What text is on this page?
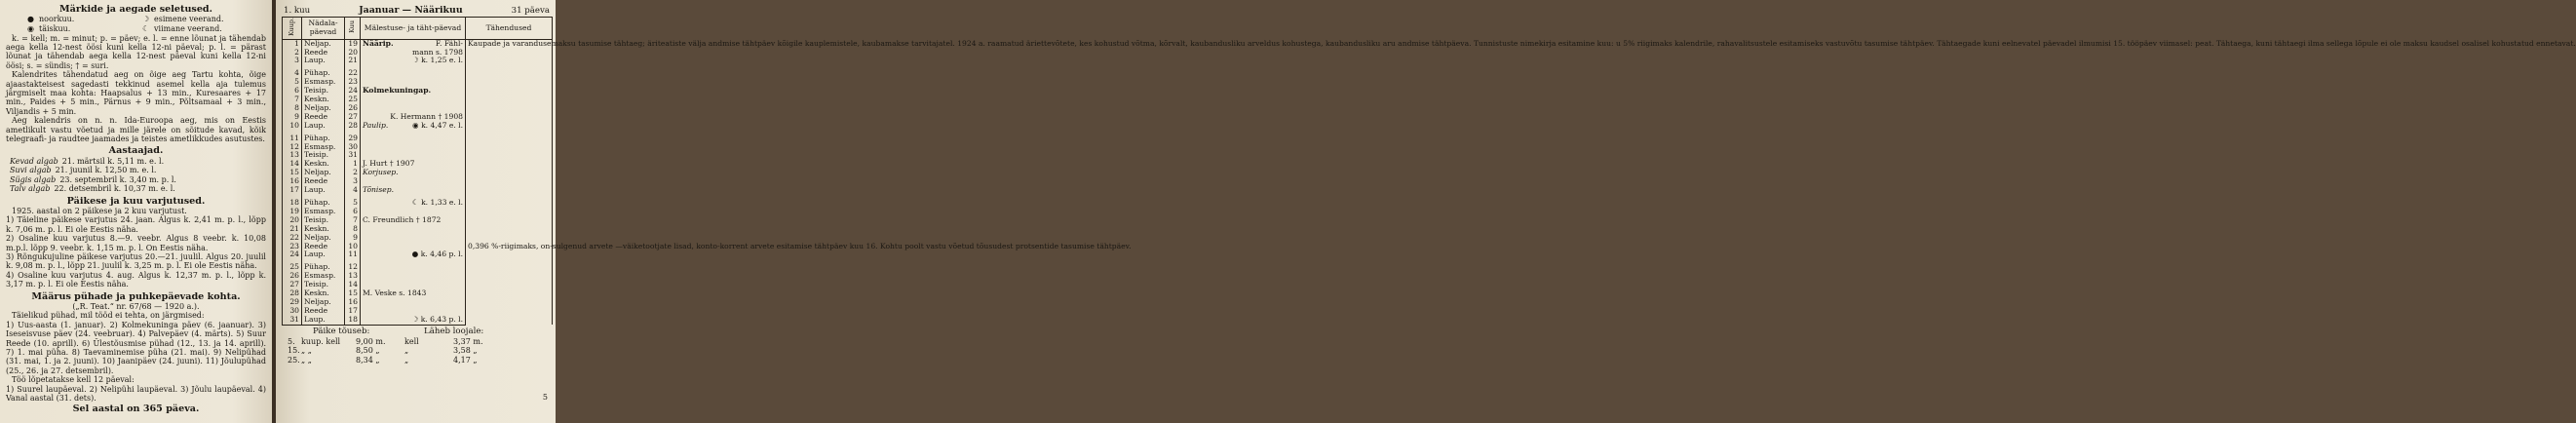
Märkide ja aegade seletused.
● noorkuu.	☽ esimene veerand.
◉ täiskuu.	☾ viimane veerand.

k. = kell; m. = minut; p. = päev; e. l. = enne lõunat ja tähendab aega kella 12-nest öösi kuni kella 12-ni päeval; p. l. = pärast lõunat ja tähendab aega kella 12-nest päeval kuni kella 12-ni öösi; s. = sündis; † = suri.

Kalendrites tähendatud aeg on õige aeg Tartu kohta, õige ajaastakteisest sagedasti tekkinud asemel kella aja tulemus järgmiselt maa kohta: Haapsalus + 13 min., Kuresaares + 17 min., Paides + 5 min., Pärnus + 9 min., Põltsamaal + 3 min., Viljandis + 5 min.

Aeg kalendris on n. n. Ida-Euroopa aeg, mis on Eestis ametlikult vastu võetud ja mille järele on sõitude kavad, kõik telegraafi- ja raudtee jaamades ja teistes ametlikkudes asutustes.

Aastaajad.
Kevad algab 21. märtsil k. 5,11 m. e. l.
Suvi algab 21. juunil k. 12,50 m. e. l.
Sügis algab 23. septembril k. 3,40 m. p. l.
Talv algab 22. detsembril k. 10,37 m. e. l.
Päikese ja kuu varjutused.

1925. aastal on 2 päikese ja 2 kuu varjutust.

1) Täieline päikese varjutus 24. jaan. Algus k. 2,41 m. p. l., lõpp k. 7,06 m. p. l. Ei ole Eestis näha.

2) Osaline kuu varjutus 8.—9. veebr. Algus 8 veebr. k. 10,08 m.p.l. lõpp 9. veebr. k. 1,15 m. p. l. On Eestis näha.

3) Rõngukujuline päikese varjutus 20.—21. juulil. Algus 20. juulil k. 9,08 m. p. l., lõpp 21. juulil k. 3,25 m. p. l. Ei ole Eestis näha.

4) Osaline kuu varjutus 4. aug. Algus k. 12,37 m. p. l., lõpp k. 3,17 m. p. l. Ei ole Eestis näha.

Määrus pühade ja puhkepäevade kohta.
(„R. Teat.“ nr. 67/68 — 1920 a.).

Täielikud pühad, mil tööd ei tehta, on järgmised:

1) Uus-aasta (1. januar). 2) Kolmekuninga päev (6. jaanuar). 3) Iseseisvuse päev (24. veebruar). 4) Palvepäev (4. märts). 5) Suur Reede (10. aprill). 6) Ülestõusmise pühad (12., 13. ja 14. aprill). 7) 1. mai püha. 8) Taevaminemise püha (21. mai). 9) Nelipühad (31. mai, 1. ja 2. juuni). 10) Jaanipäev (24. juuni). 11) Jõulupühad (25., 26. ja 27. detsembril).

Töö lõpetatakse kell 12 päeval:

1) Suurel laupäeval. 2) Nelipühi laupäeval. 3) Jõulu laupäeval. 4) Vanal aastal (31. dets).

Sel aastal on 365 päeva.
1. kuu	Jaanuar — Näärikuu	31 päeva
Kuup.	Nädala-päevad	Kuu	Mälestuse- ja täht-päevad	Tähendused
1	Neljap.	19	Näärip. F. Fähl-	Kaupade ja varandusemaksu tasumise tähtaeg; äriteatiste välja andmise tähtpäev kõigile kauplemistele, kaubamakse tarvitajatel. 1924 a. raamatud äriettevõtete, kes kohustud võtma, kõrvalt, kaubandusliku arveldus kohustega, kaubandusliku aru andmise tähtpäeva. Tunnistuste nimekirja esitamine kuu: u 5% riigimaks kalendrile, rahavalitsustele esitamiseks vastuvõtu tasumise tähtpäev. Tähtaegade kuni eelnevatel päevadel ilmumisi 15. tööpäev viimasel: peat. Tähtaega, kuni tähtaegi ilma sellega lõpule ei ole maksu kaudsel osalisel kohustatud ennetavat.
2	Reede	20	mann s. 1798	

3	Laup.	21	☽ k. 1,25 e. l.	

4	Pühap.	22		
5	Esmasp.	23		
6	Teisip.	24	Kolmekuningap.	
7	Keskn.	25		
8	Neljap.	26		
9	Reede	27	K. Hermann † 1908	

10	Laup.	28	Paulip. ◉ k. 4,47 e. l.	

11	Pühap.	29		
12	Esmasp.	30		
13	Teisip.	31		
14	Keskn.	1	J. Hurt † 1907	
15	Neljap.	2	Korjusep.	
16	Reede	3		
17	Laup.	4	Tõnisep.	

18	Pühap.	5	☾ k. 1,33 e. l.	

19	Esmasp.	6		
20	Teisip.	7	C. Freundlich † 1872	
21	Keskn.	8		
22	Neljap.	9		
23	Reede	10		0,396 %-riigimaks, on-sulgenud arvete —väiketootjate lisad, konto-korrent arvete esitamise tähtpäev kuu 16. Kohtu poolt vastu võetud tõusudest protsentide tasumise tähtpäev.
24	Laup.	11	● k. 4,46 p. l.	

25	Pühap.	12		
26	Esmasp.	13		
27	Teisip.	14		
28	Keskn.	15	M. Veske s. 1843	
29	Neljap.	16		
30	Reede	17		
31	Laup.	18	☽ k. 6,43 p. l.	
Päike tõuseb:	Läheb loojale:
5. kuup. kell	9,00 m.	kell	3,37 m.
15. „ „	8,50 „	„	3,58 „
25. „ „	8,34 „	„	4,17 „
5
